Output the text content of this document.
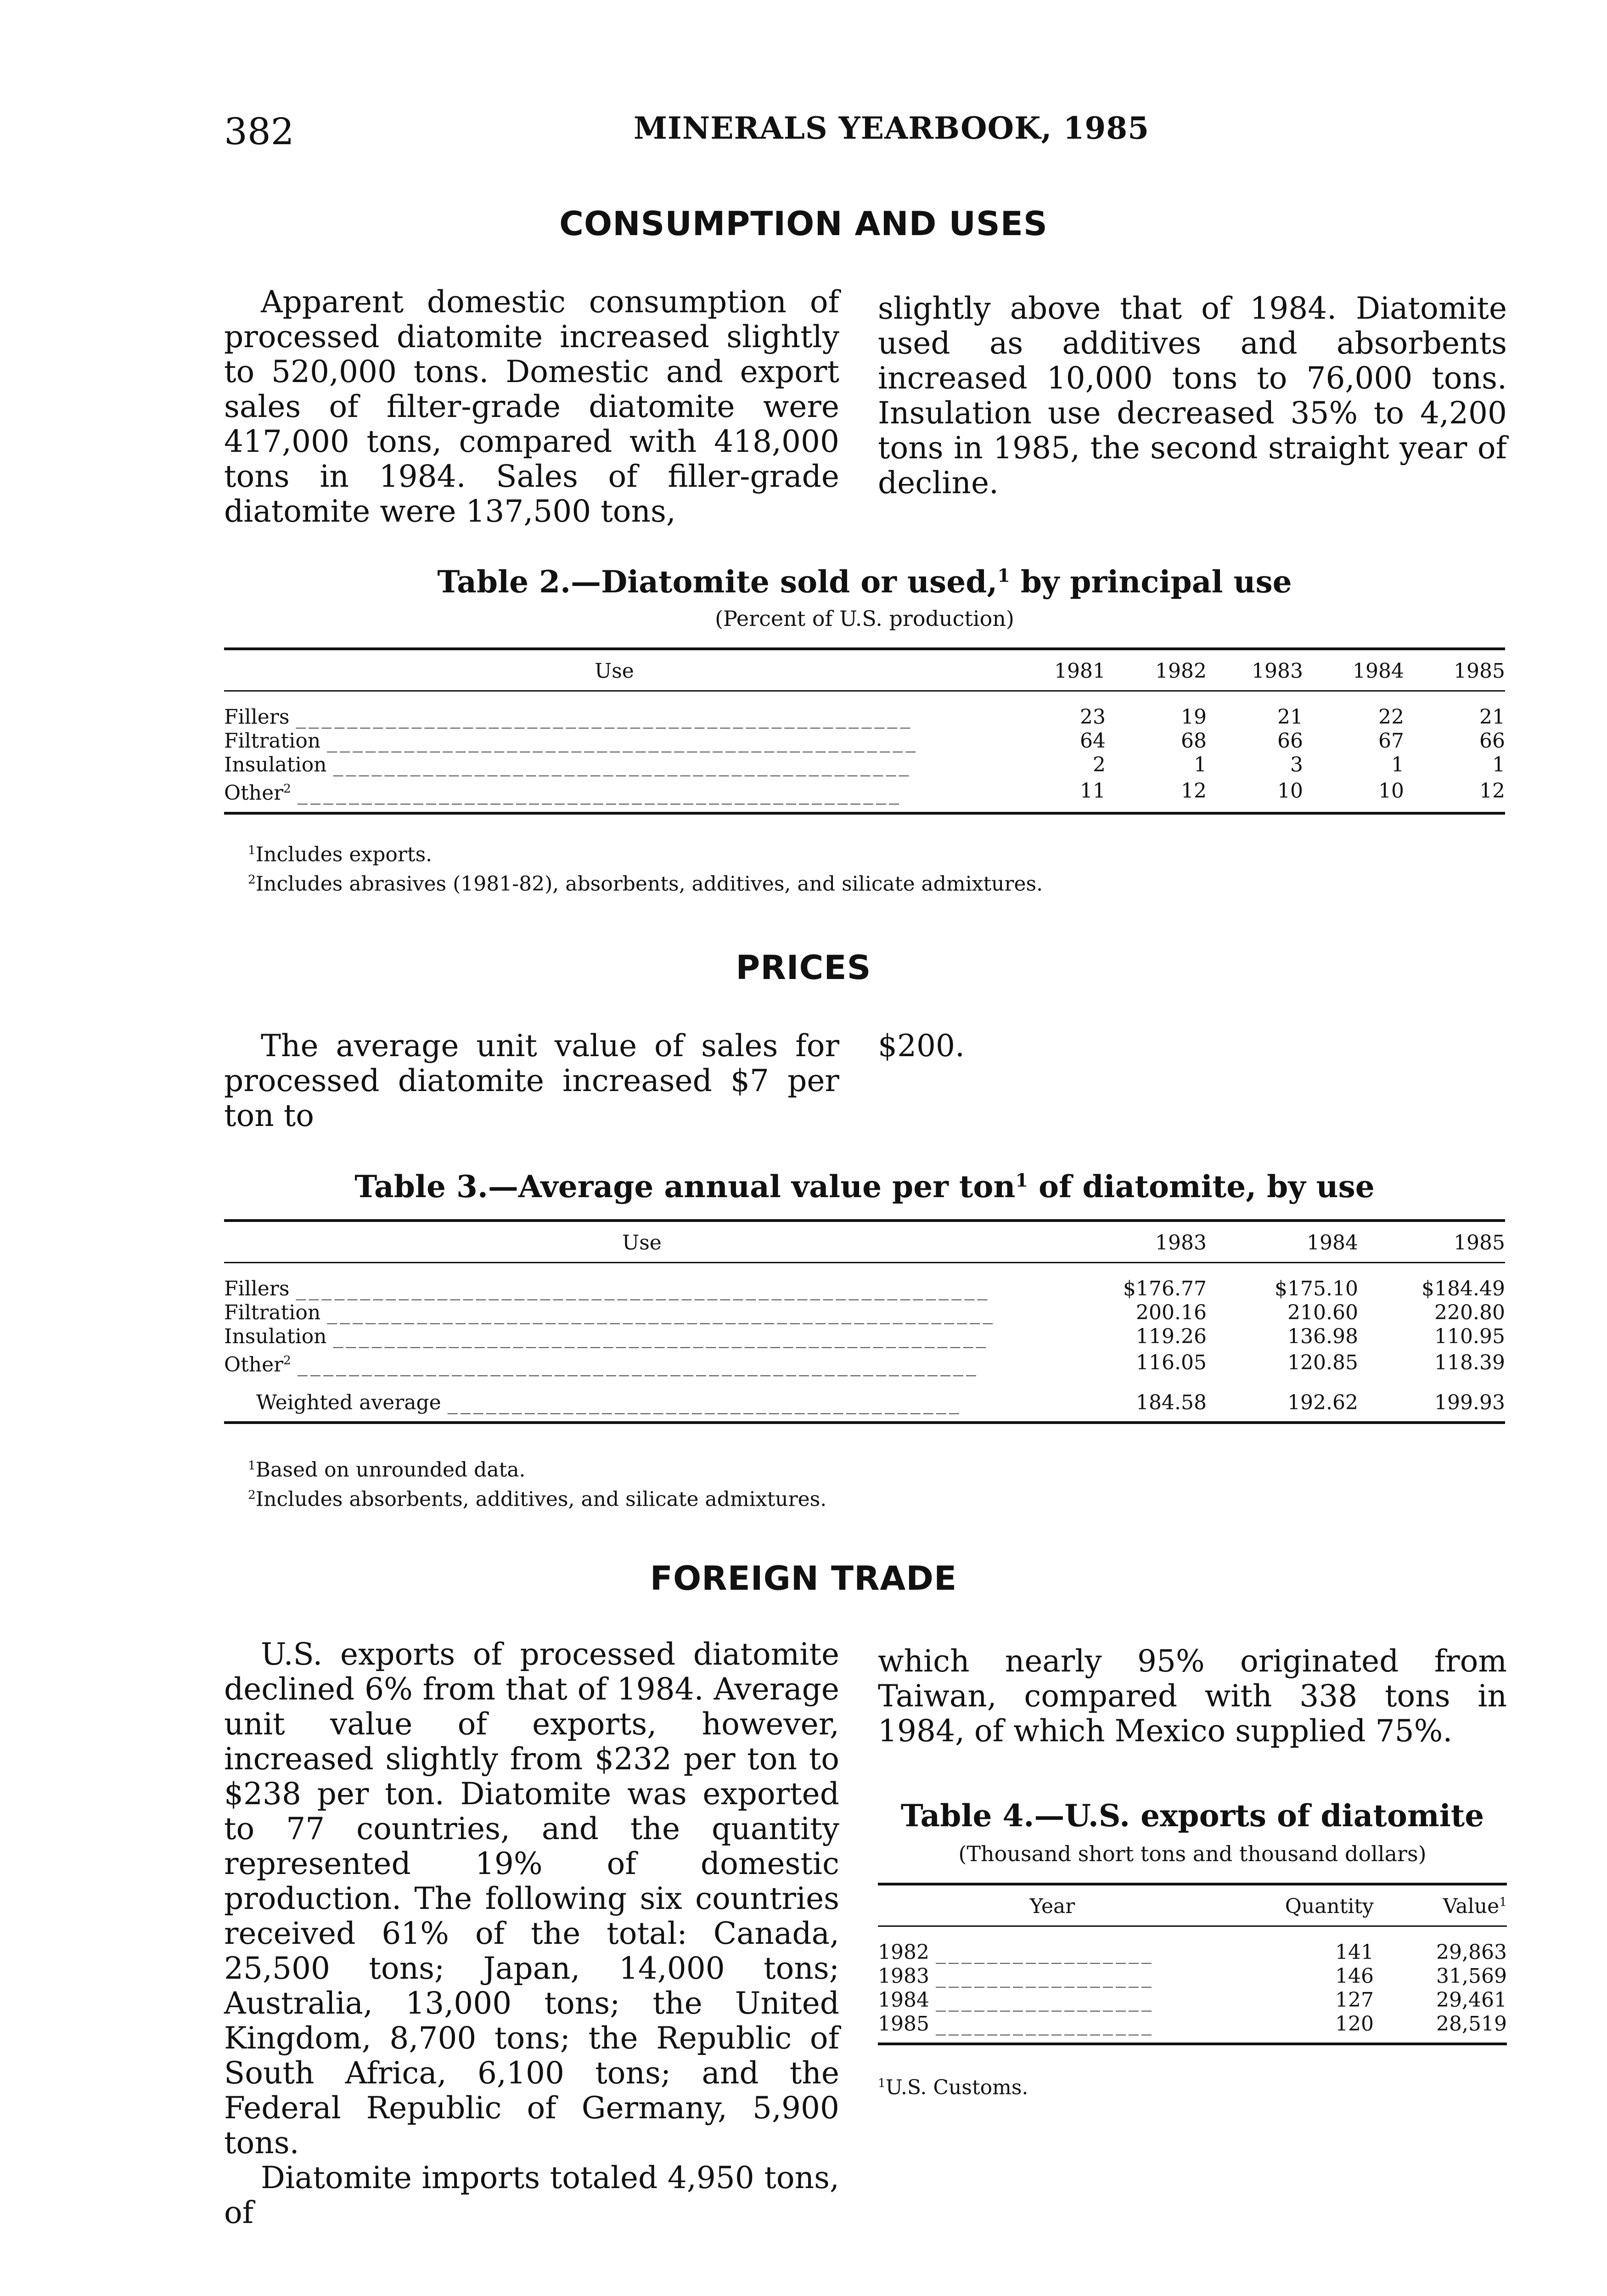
382	MINERALS YEARBOOK, 1985
CONSUMPTION AND USES

Apparent domestic consumption of processed diatomite increased slightly to 520,000 tons. Domestic and export sales of filter-grade diatomite were 417,000 tons, compared with 418,000 tons in 1984. Sales of filler-grade diatomite were 137,500 tons,

slightly above that of 1984. Diatomite used as additives and absorbents increased 10,000 tons to 76,000 tons. Insulation use decreased 35% to 4,200 tons in 1985, the second straight year of decline.

Table 2.—Diatomite sold or used,$^1$ by principal use
(Percent of U.S. production)
Use	1981	1982	1983	1984	1985
Fillers ________________________________________________	23	19	21	22	21
Filtration ______________________________________________	64	68	66	67	66
Insulation _____________________________________________	2	1	3	1	1
Other$^2$ _______________________________________________	11	12	10	10	12
$^1$Includes exports.
$^2$Includes abrasives (1981-82), absorbents, additives, and silicate admixtures.
PRICES

The average unit value of sales for processed diatomite increased $7 per ton to

$200.

Table 3.—Average annual value per ton$^1$ of diatomite, by use
Use	1983	1984	1985
Fillers ______________________________________________________	$176.77	$175.10	$184.49
Filtration ____________________________________________________	200.16	210.60	220.80
Insulation ___________________________________________________	119.26	136.98	110.95
Other$^2$ _____________________________________________________	116.05	120.85	118.39
Weighted average ________________________________________	184.58	192.62	199.93
$^1$Based on unrounded data.
$^2$Includes absorbents, additives, and silicate admixtures.
FOREIGN TRADE

U.S. exports of processed diatomite declined 6% from that of 1984. Average unit value of exports, however, increased slightly from $232 per ton to $238 per ton. Diatomite was exported to 77 countries, and the quantity represented 19% of domestic production. The following six countries received 61% of the total: Canada, 25,500 tons; Japan, 14,000 tons; Australia, 13,000 tons; the United Kingdom, 8,700 tons; the Republic of South Africa, 6,100 tons; and the Federal Republic of Germany, 5,900 tons.

Diatomite imports totaled 4,950 tons, of

which nearly 95% originated from Taiwan, compared with 338 tons in 1984, of which Mexico supplied 75%.

Table 4.—U.S. exports of diatomite
(Thousand short tons and thousand dollars)
Year	Quantity	Value$^1$
1982 _________________	141	29,863
1983 _________________	146	31,569
1984 _________________	127	29,461
1985 _________________	120	28,519
$^1$U.S. Customs.
